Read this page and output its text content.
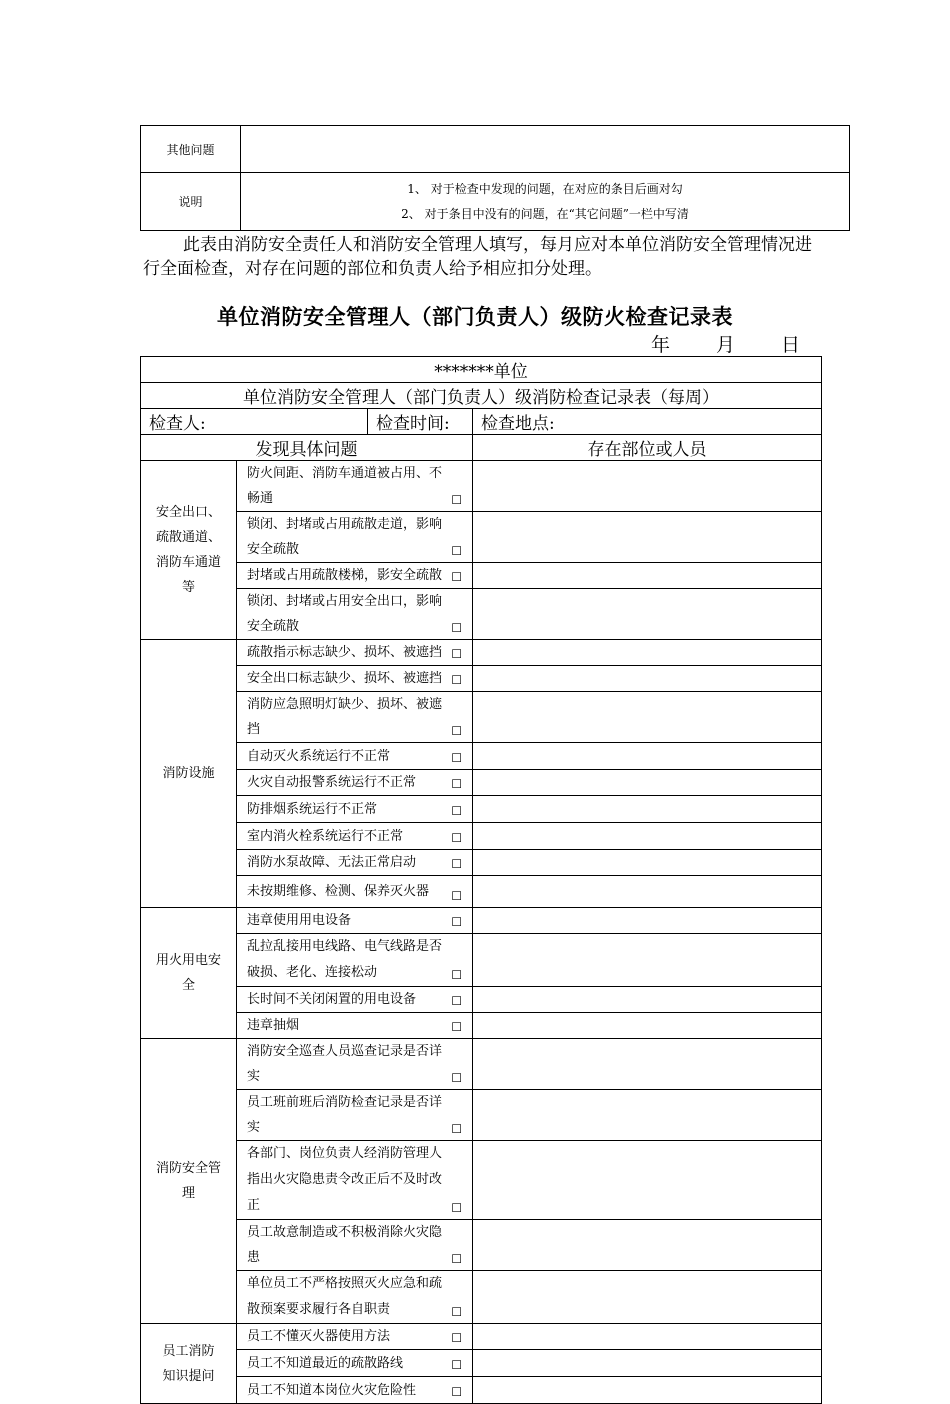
其他问题	
说明	1、 对于检查中发现的问题，在对应的条目后画对勾
2、 对于条目中没有的问题，在“其它问题”一栏中写清

此表由消防安全责任人和消防安全管理人填写，每月应对本单位消防安全管理情况进行全面检查，对存在问题的部位和负责人给予相应扣分处理。

单位消防安全管理人（部门负责人）级防火检查记录表
年 月 日
*******单位			
单位消防安全管理人（部门负责人）级消防检查记录表（每周）			
检查人:		检查时间:	检查地点:
发现具体问题			存在部位或人员

安全出口、疏散通道、消防车通道等	防火间距、消防车通道被占用、不畅通 ☐		

	锁闭、封堵或占用疏散走道，影响安全疏散 ☐		

	封堵或占用疏散楼梯，影安全疏散 ☐		

	锁闭、封堵或占用安全出口，影响安全疏散 ☐		

消防设施	疏散指示标志缺少、损坏、被遮挡 ☐		

	安全出口标志缺少、损坏、被遮挡 ☐		

	消防应急照明灯缺少、损坏、被遮挡 ☐		

	自动灭火系统运行不正常 ☐		

	火灾自动报警系统运行不正常 ☐		

	防排烟系统运行不正常 ☐		

	室内消火栓系统运行不正常 ☐		

	消防水泵故障、无法正常启动 ☐		

	未按期维修、检测、保养灭火器 ☐		

用火用电安全	违章使用用电设备 ☐		

	乱拉乱接用电线路、电气线路是否破损、老化、连接松动 ☐		

	长时间不关闭闲置的用电设备 ☐		

	违章抽烟 ☐		

消防安全管理	消防安全巡查人员巡查记录是否详实 ☐		

	员工班前班后消防检查记录是否详实 ☐		

	各部门、岗位负责人经消防管理人指出火灾隐患责令改正后不及时改正 ☐		

	员工故意制造或不积极消除火灾隐患 ☐		

	单位员工不严格按照灭火应急和疏散预案要求履行各自职责 ☐		

员工消防知识提问	员工不懂灭火器使用方法 ☐		

	员工不知道最近的疏散路线 ☐		

	员工不知道本岗位火灾危险性 ☐		
